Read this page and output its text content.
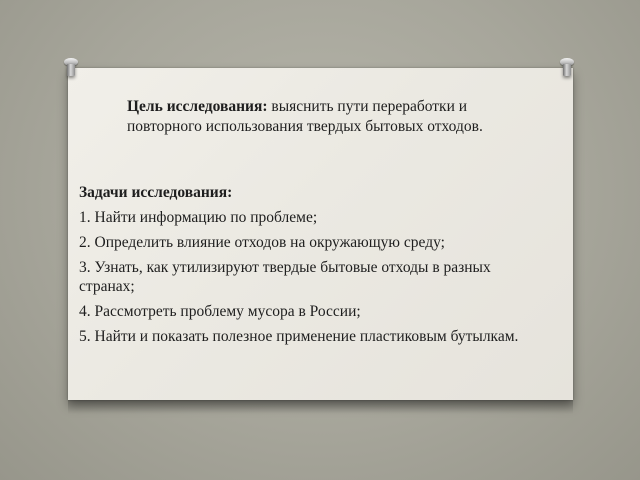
Цель исследования: выяснить пути переработки и повторного использования твердых бытовых отходов.
Задачи исследования:
1. Найти информацию по проблеме;
2. Определить влияние отходов на окружающую среду;
3. Узнать, как утилизируют твердые бытовые отходы в разных странах;
4. Рассмотреть проблему мусора в России;
5. Найти и показать полезное применение пластиковым бутылкам.
